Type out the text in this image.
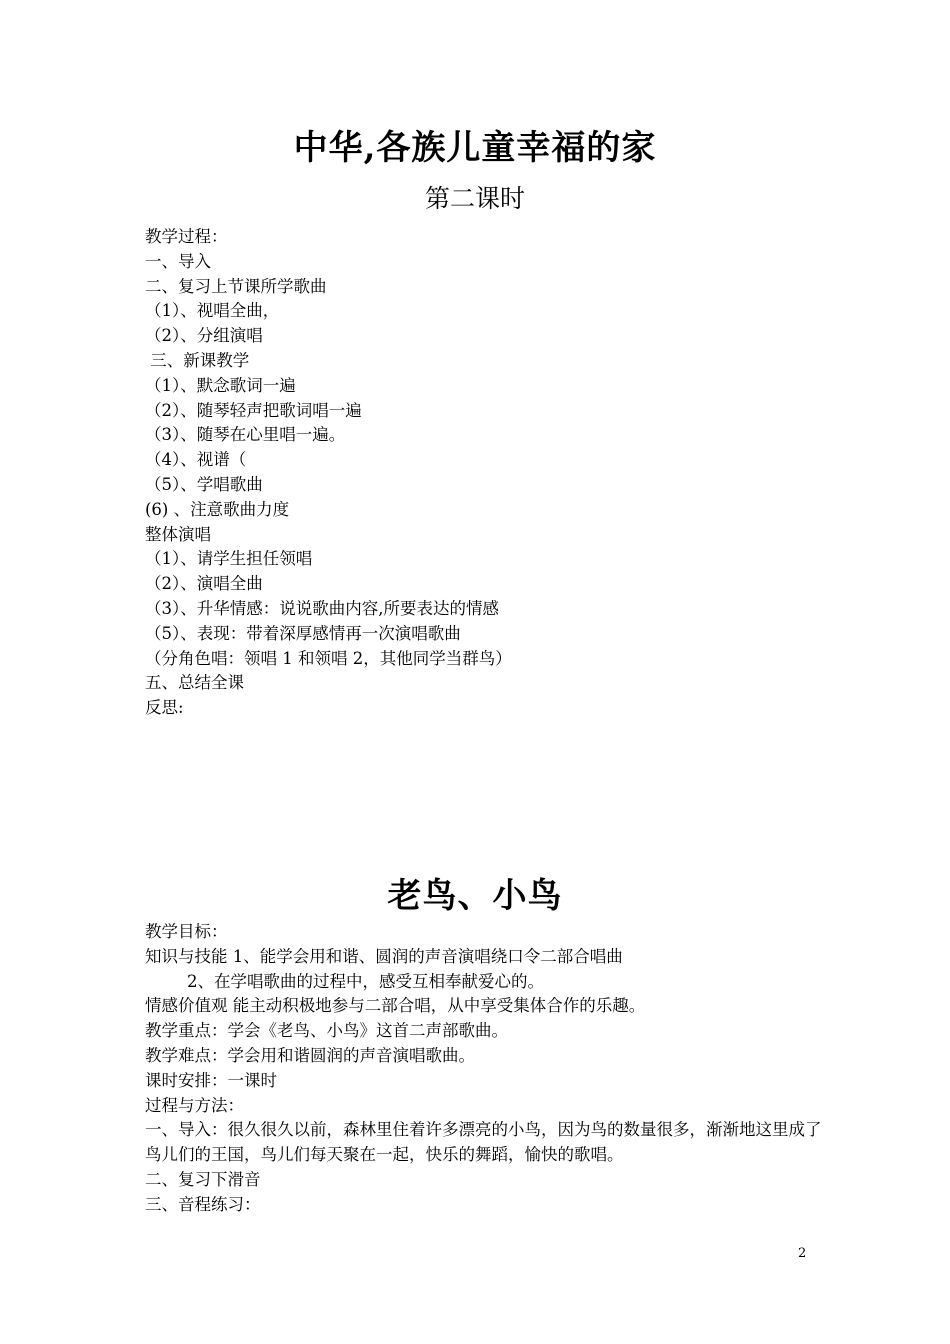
中华,各族儿童幸福的家
第二课时
教学过程：
一、导入
二、复习上节课所学歌曲
（1）、视唱全曲，
（2）、分组演唱
三、新课教学
（1）、默念歌词一遍
（2）、随琴轻声把歌词唱一遍
（3）、随琴在心里唱一遍。
（4）、视谱（
（5）、学唱歌曲
(6) 、注意歌曲力度
整体演唱
（1）、请学生担任领唱
（2）、演唱全曲
（3）、升华情感：说说歌曲内容,所要表达的情感
（5）、表现：带着深厚感情再一次演唱歌曲
（分角色唱：领唱 1 和领唱 2，其他同学当群鸟）
五、总结全课
反思:
老鸟、小鸟
教学目标：
知识与技能 1、能学会用和谐、圆润的声音演唱绕口令二部合唱曲
2、在学唱歌曲的过程中，感受互相奉献爱心的。
情感价值观 能主动积极地参与二部合唱，从中享受集体合作的乐趣。
教学重点：学会《老鸟、小鸟》这首二声部歌曲。
教学难点：学会用和谐圆润的声音演唱歌曲。
课时安排：一课时
过程与方法：
一、导入：很久很久以前，森林里住着许多漂亮的小鸟，因为鸟的数量很多，渐渐地这里成了鸟儿们的王国，鸟儿们每天聚在一起，快乐的舞蹈，愉快的歌唱。
二、复习下滑音
三、音程练习：
2
